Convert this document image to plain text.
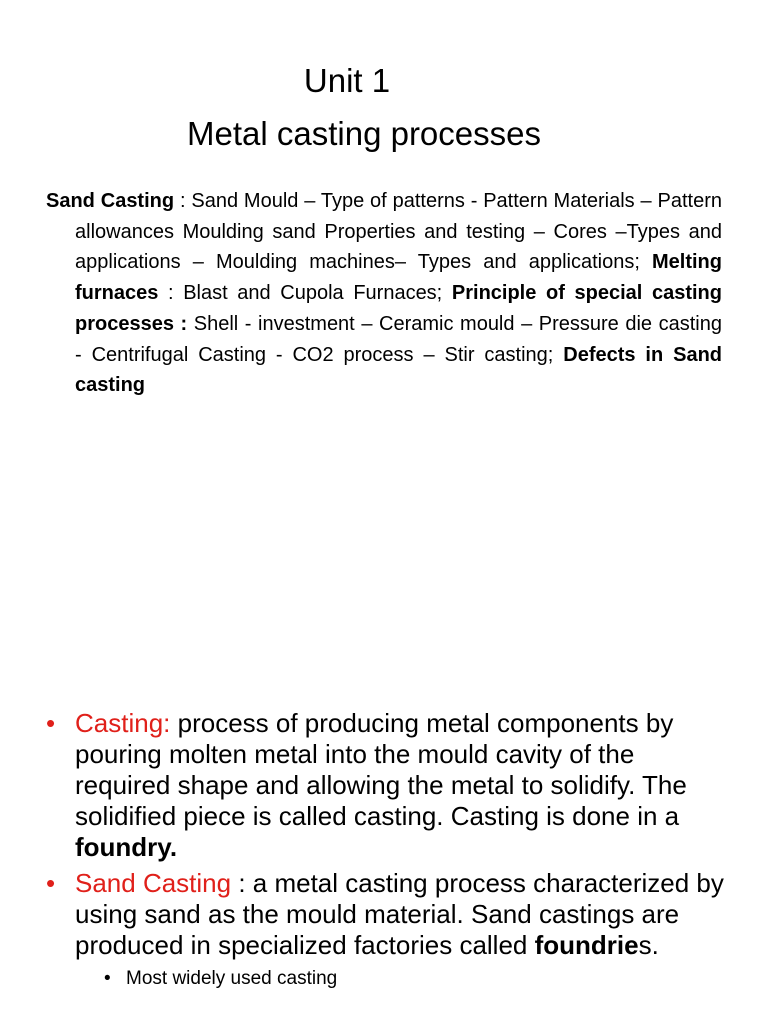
Unit 1
Metal casting processes

Sand Casting : Sand Mould – Type of patterns - Pattern Materials – Pattern allowances Moulding sand Properties and testing – Cores –Types and applications – Moulding machines– Types and applications; Melting furnaces : Blast and Cupola Furnaces; Principle of special casting processes : Shell - investment – Ceramic mould – Pressure die casting - Centrifugal Casting - CO2 process – Stir casting; Defects in Sand casting

• Casting: process of producing metal components by pouring molten metal into the mould cavity of the required shape and allowing the metal to solidify. The solidified piece is called casting. Casting is done in a foundry.
• Sand Casting : a metal casting process characterized by using sand as the mould material. Sand castings are produced in specialized factories called foundries.
• Most widely used casting
